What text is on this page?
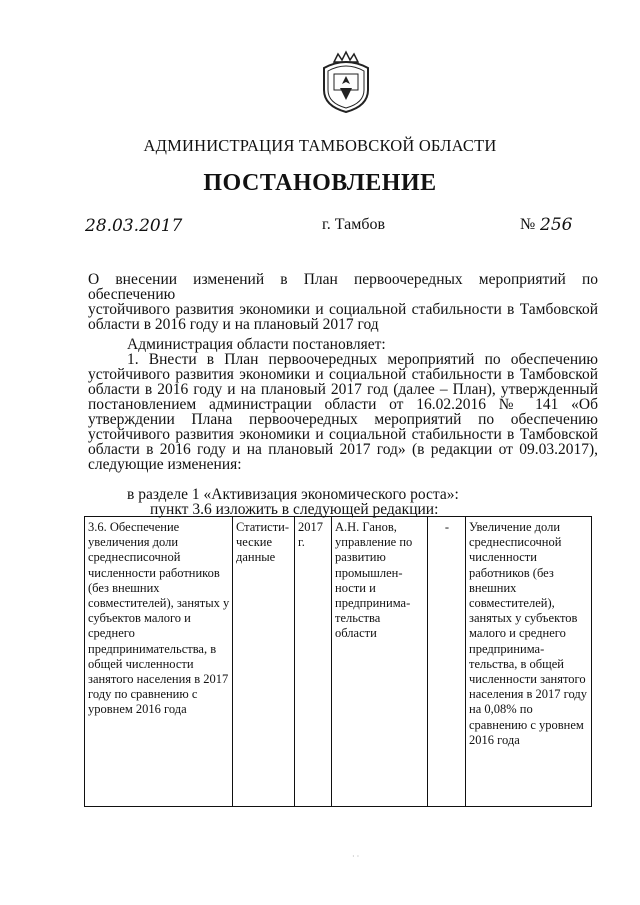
АДМИНИСТРАЦИЯ ТАМБОВСКОЙ ОБЛАСТИ
ПОСТАНОВЛЕНИЕ
28.03.2017	г. Тамбов	№ 256
О внесении изменений в План первоочередных мероприятий по обеспечению
устойчивого развития экономики и социальной стабильности в Тамбовской
области в 2016 году и на плановый 2017 год
Администрация области постановляет:
1. Внести в План первоочередных мероприятий по обеспечению устойчивого развития экономики и социальной стабильности в Тамбовской области в 2016 году и на плановый 2017 год (далее – План), утвержденный постановлением администрации области от 16.02.2016 № 141 «Об утверждении Плана первоочередных мероприятий по обеспечению устойчивого развития экономики и социальной стабильности в Тамбовской области в 2016 году и на плановый 2017 год» (в редакции от 09.03.2017), следующие изменения:
в разделе 1 «Активизация экономического роста»:
пункт 3.6 изложить в следующей редакции:
3.6. Обеспечение увеличения доли среднесписочной численности работников (без внешних совместителей), занятых у субъектов малого и среднего предпринимательства, в общей численности занятого населения в 2017 году по сравнению с уровнем 2016 года	Статисти-ческие данные	2017 г.	А.Н. Ганов, управление по развитию промышлен-ности и предпринима-тельства области	-	Увеличение доли среднесписочной численности работников (без внешних совместителей), занятых у субъектов малого и среднего предпринима-тельства, в общей численности занятого населения в 2017 году на 0,08% по сравнению с уровнем 2016 года
· ·
